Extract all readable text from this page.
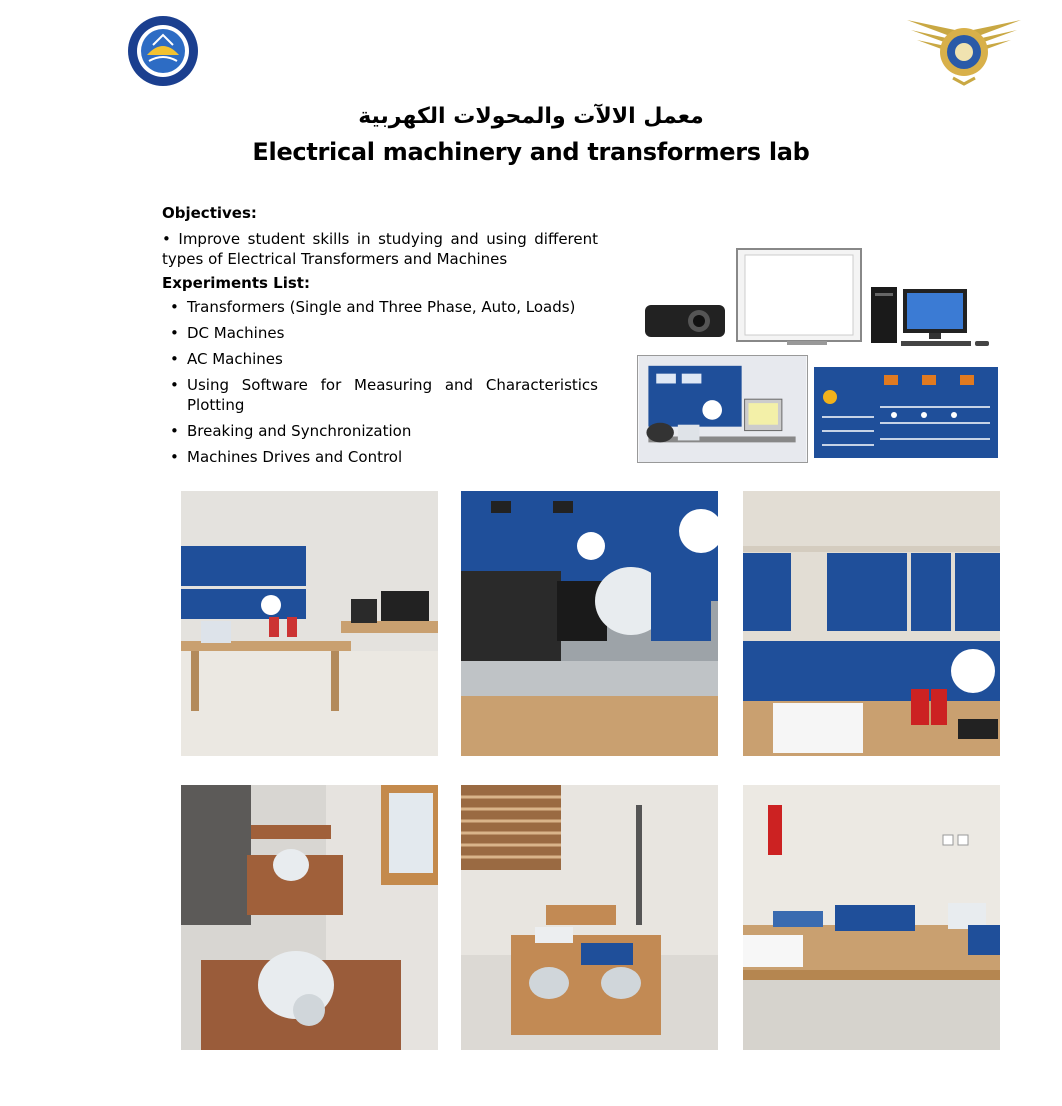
معمل الالآت والمحولات الكهربية
Electrical machinery and transformers lab

Objectives:

• Improve student skills in studying and using different types of Electrical Transformers and Machines

Experiments List:

• Transformers (Single and Three Phase, Auto, Loads)
• DC Machines
• AC Machines
• Using Software for Measuring and Characteristics Plotting
• Breaking and Synchronization
• Machines Drives and Control
